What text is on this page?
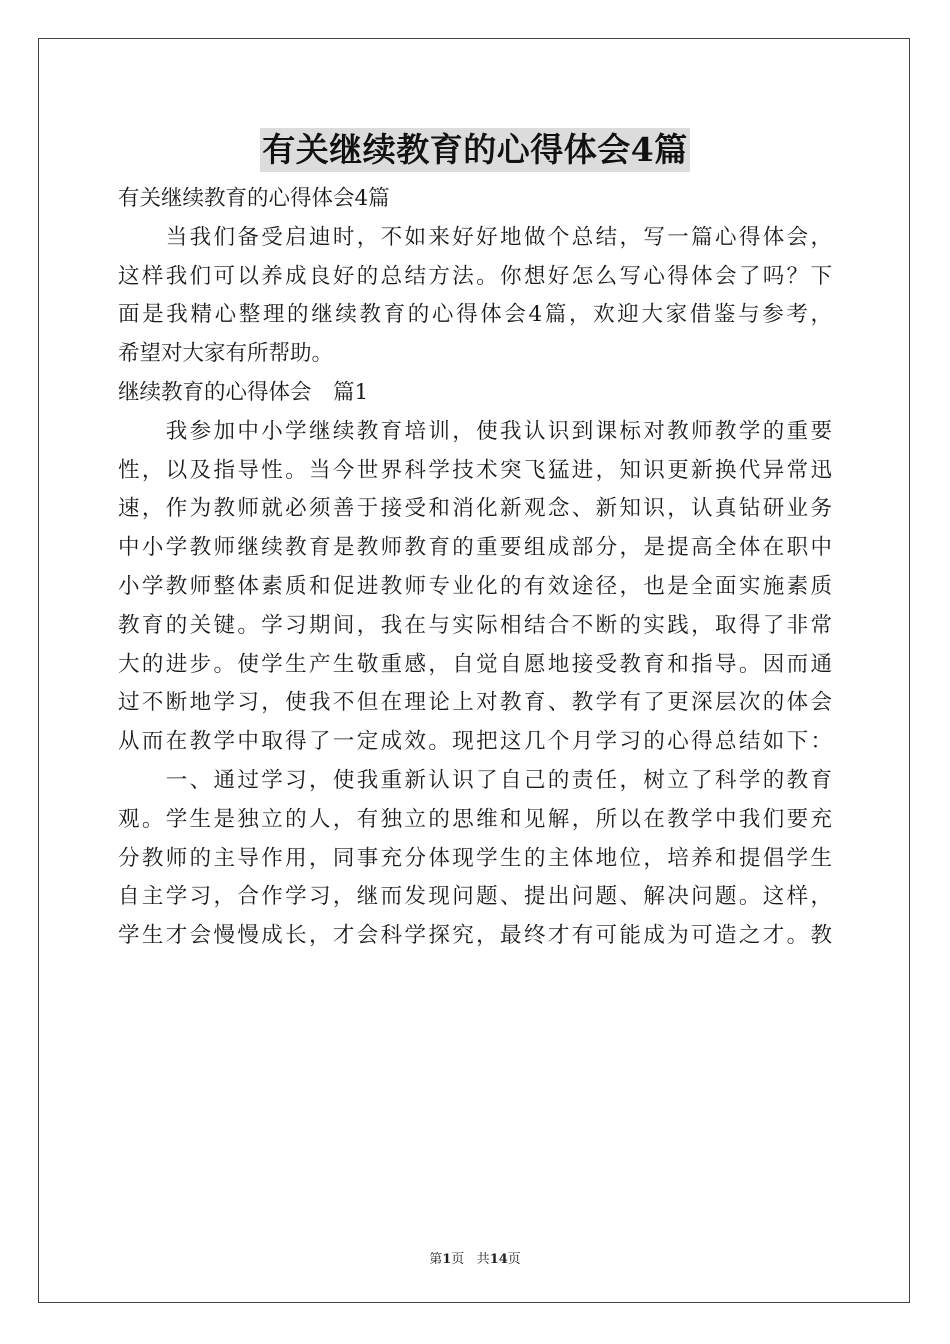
有关继续教育的心得体会4篇
有关继续教育的心得体会4篇
　　当我们备受启迪时，不如来好好地做个总结，写一篇心得体会，
这样我们可以养成良好的总结方法。你想好怎么写心得体会了吗？下
面是我精心整理的继续教育的心得体会4篇，欢迎大家借鉴与参考，
希望对大家有所帮助。
继续教育的心得体会　篇1
　　我参加中小学继续教育培训，使我认识到课标对教师教学的重要
性，以及指导性。当今世界科学技术突飞猛进，知识更新换代异常迅
速，作为教师就必须善于接受和消化新观念、新知识，认真钻研业务
中小学教师继续教育是教师教育的重要组成部分，是提高全体在职中
小学教师整体素质和促进教师专业化的有效途径，也是全面实施素质
教育的关键。学习期间，我在与实际相结合不断的实践，取得了非常
大的进步。使学生产生敬重感，自觉自愿地接受教育和指导。因而通
过不断地学习，使我不但在理论上对教育、教学有了更深层次的体会
从而在教学中取得了一定成效。现把这几个月学习的心得总结如下：
　　一、通过学习，使我重新认识了自己的责任，树立了科学的教育
观。学生是独立的人，有独立的思维和见解，所以在教学中我们要充
分教师的主导作用，同事充分体现学生的主体地位，培养和提倡学生
自主学习，合作学习，继而发现问题、提出问题、解决问题。这样，
学生才会慢慢成长，才会科学探究，最终才有可能成为可造之才。教
第1页 共14页
